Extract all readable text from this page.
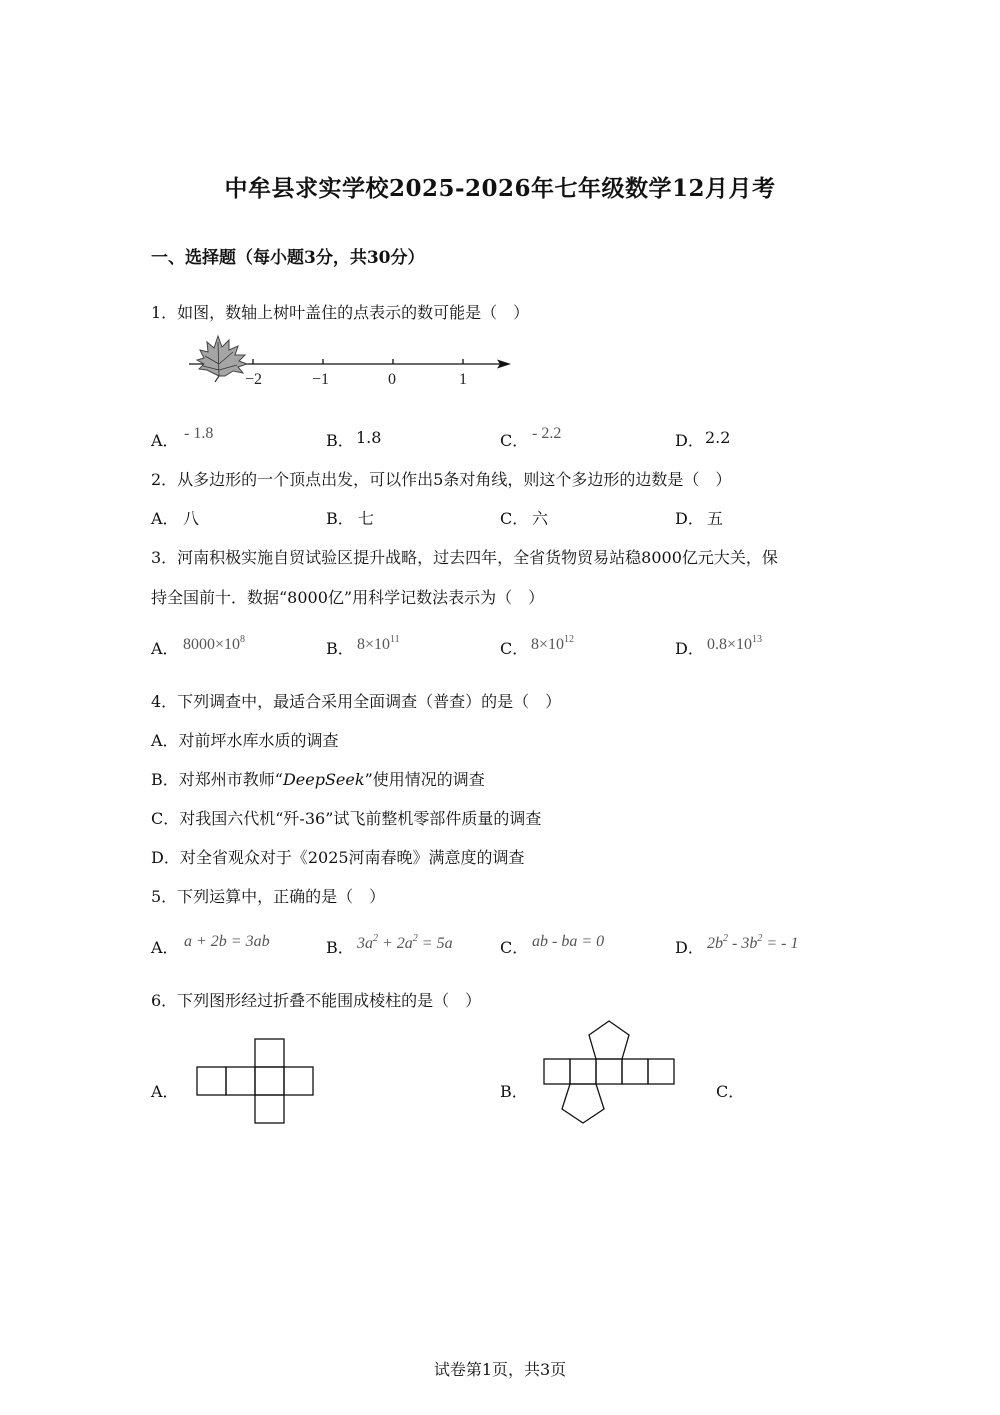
中牟县求实学校2025-2026年七年级数学12月月考
一、选择题（每小题3分，共30分）
1．如图，数轴上树叶盖住的点表示的数可能是（　）
−2	−1	0	1
A． - 1.8	B． 1.8	C． - 2.2	D． 2.2
2．从多边形的一个顶点出发，可以作出5条对角线，则这个多边形的边数是（　）
A． 八	B． 七	C． 六	D． 五
3．河南积极实施自贸试验区提升战略，过去四年，全省货物贸易站稳8000亿元大关，保
持全国前十．数据“8000亿”用科学记数法表示为（　）
A． $8000\times 10^8$	B． $8\times 10^{11}$	C． $8\times 10^{12}$	D． $0.8\times 10^{13}$
4．下列调查中，最适合采用全面调查（普查）的是（　）
A．对前坪水库水质的调查
B．对郑州市教师“DeepSeek”使用情况的调查
C．对我国六代机“歼-36”试飞前整机零部件质量的调查
D．对全省观众对于《2025河南春晚》满意度的调查
5．下列运算中，正确的是（　）
A． a + 2b = 3ab	B． $3a^2 + 2a^2 = 5a$	C． ab - ba = 0	D． $2b^2 - 3b^2$ = - 1
6．下列图形经过折叠不能围成棱柱的是（　）
A．	B．	C．
试卷第1页，共3页
